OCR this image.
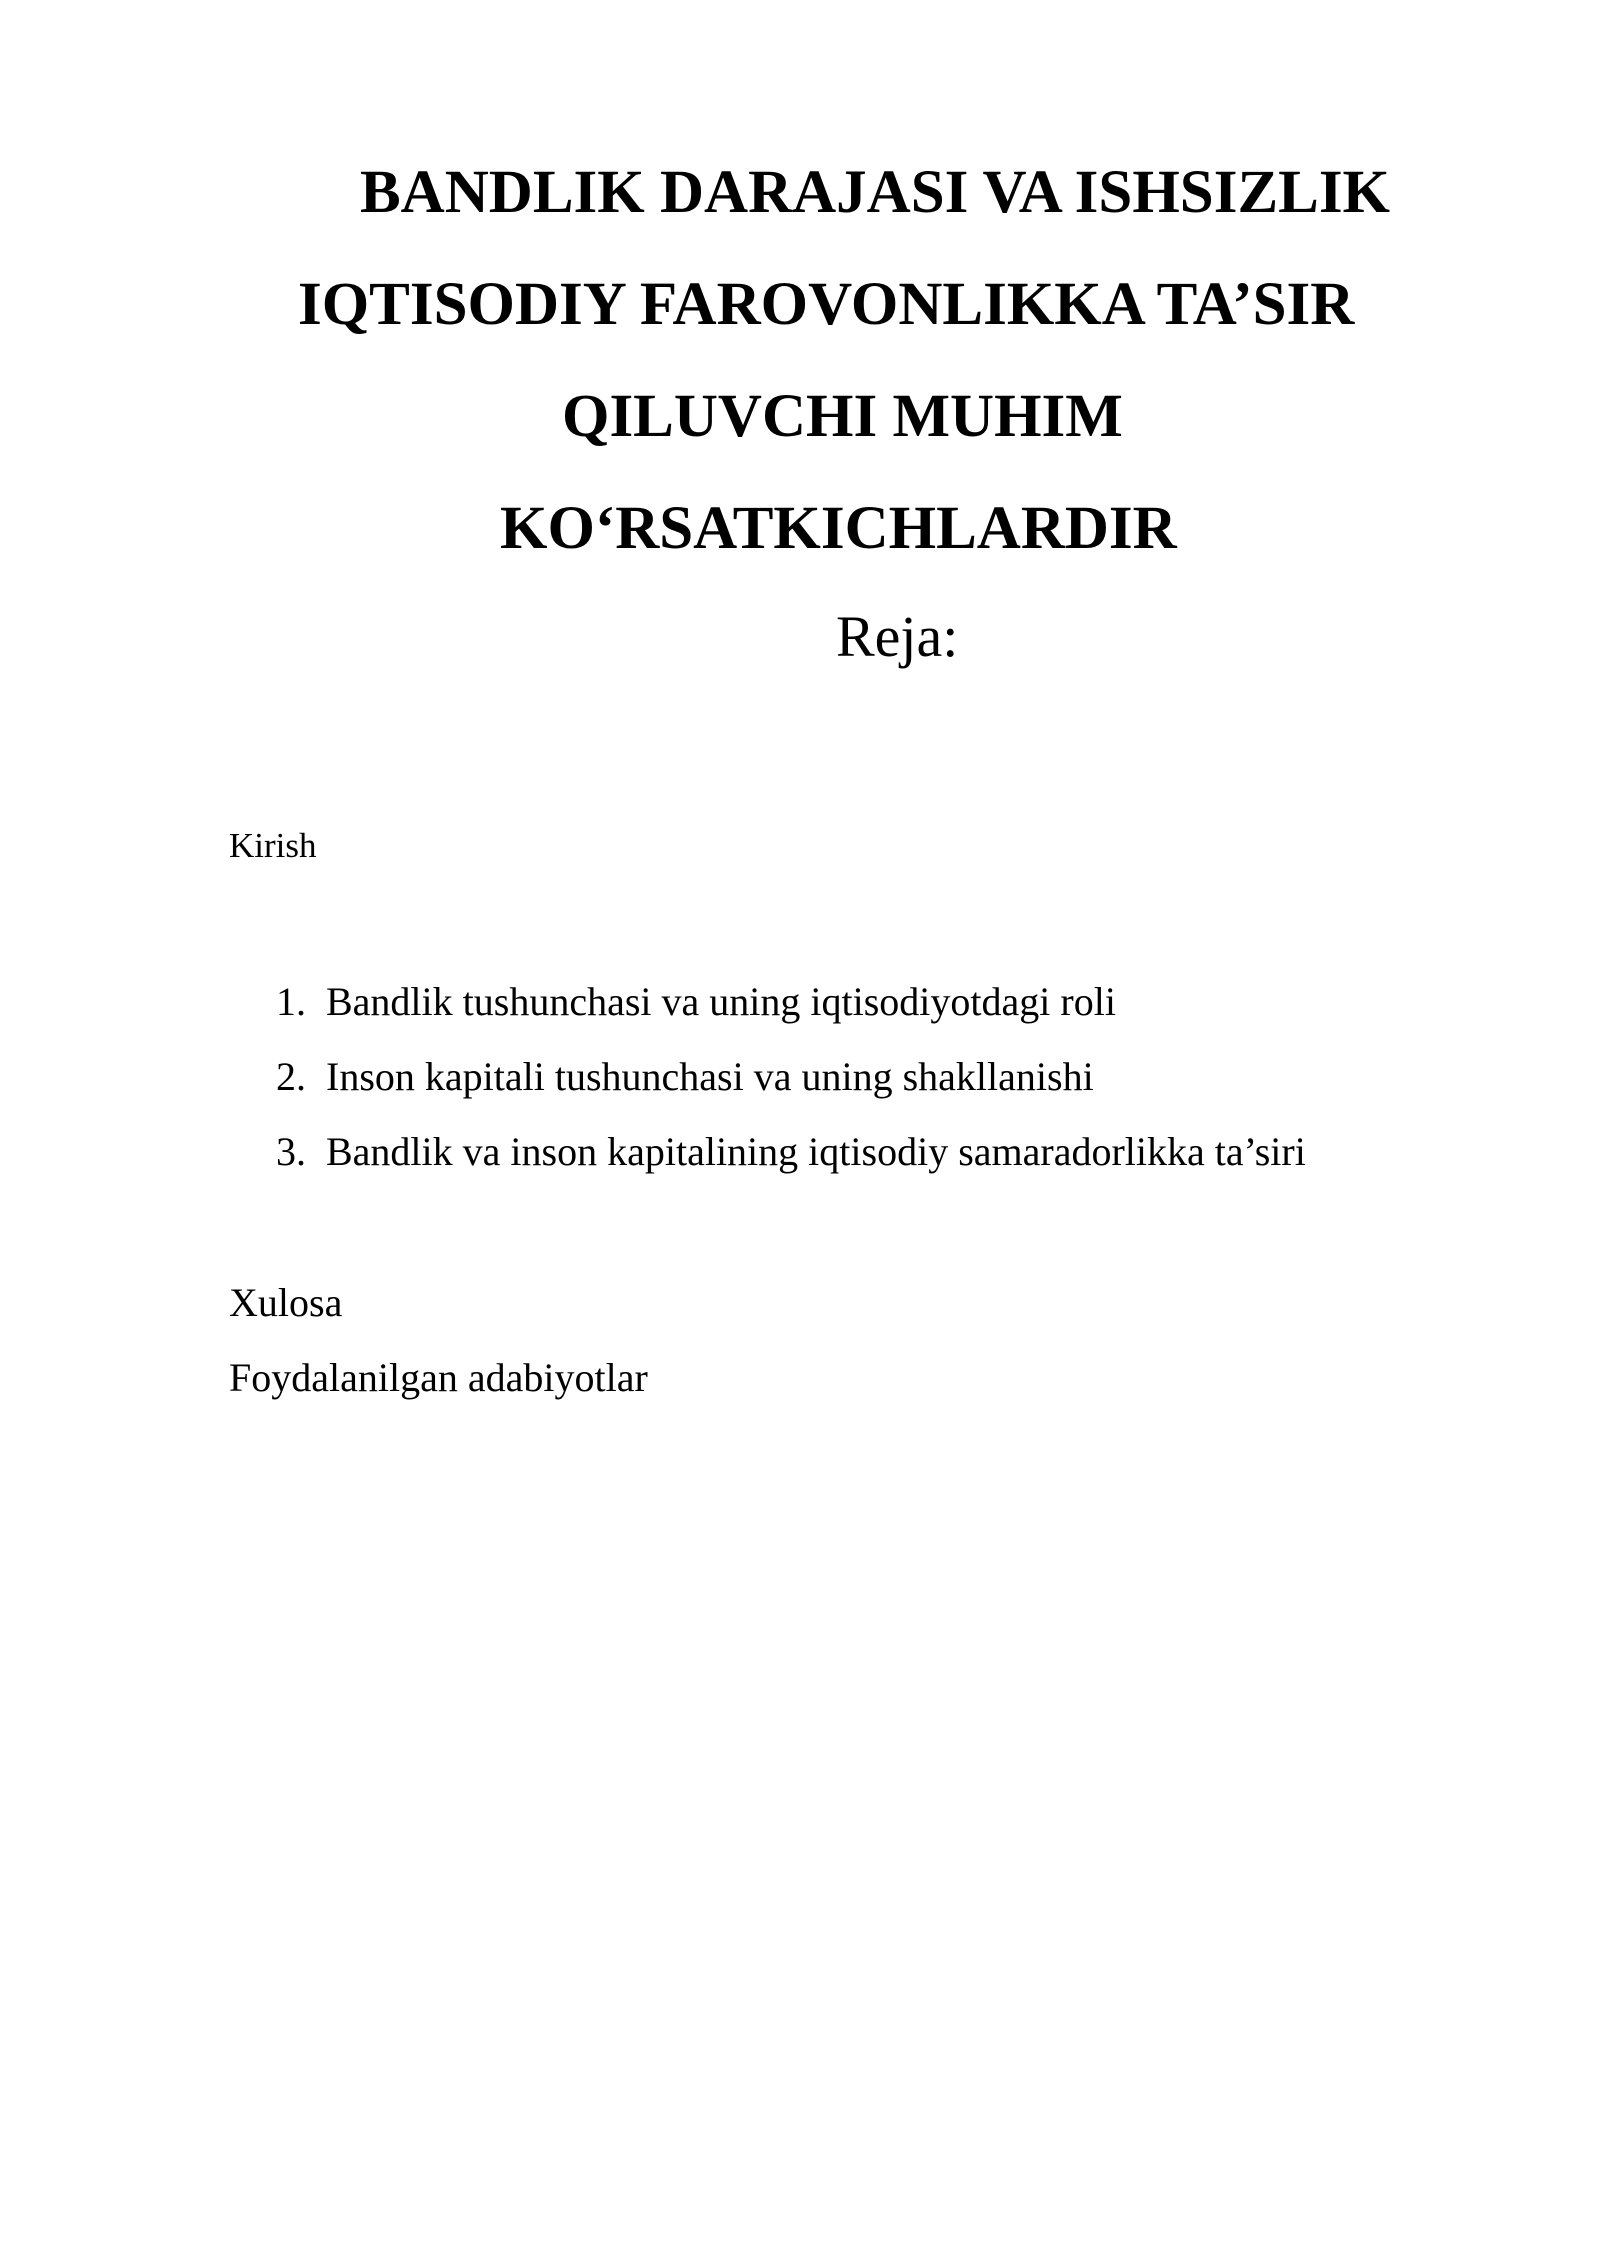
BANDLIK DARAJASI VA ISHSIZLIK
IQTISODIY FAROVONLIKKA TA’SIR
QILUVCHI MUHIM
KO‘RSATKICHLARDIR
Reja:
Kirish
1. Bandlik tushunchasi va uning iqtisodiyotdagi roli
2. Inson kapitali tushunchasi va uning shakllanishi
3. Bandlik va inson kapitalining iqtisodiy samaradorlikka ta’siri
Xulosa
Foydalanilgan adabiyotlar
